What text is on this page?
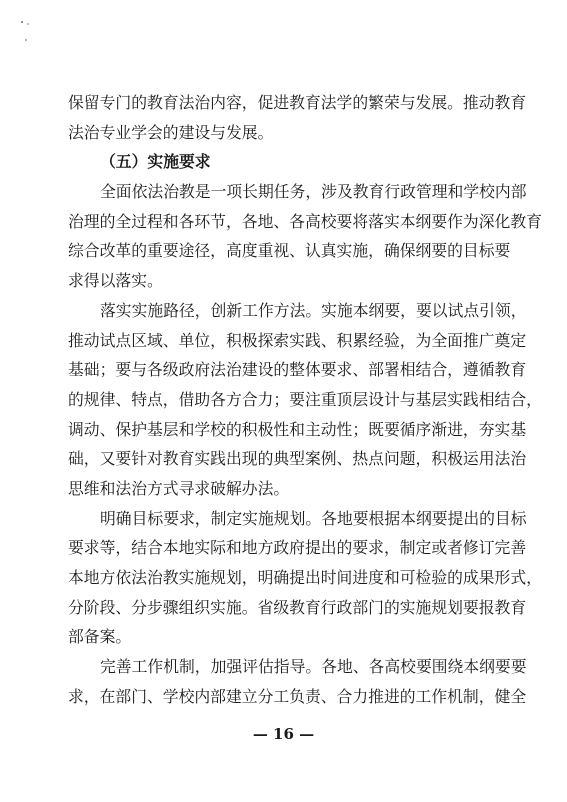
保留专门的教育法治内容，促进教育法学的繁荣与发展。推动教育
法治专业学会的建设与发展。
（五）实施要求
全面依法治教是一项长期任务，涉及教育行政管理和学校内部
治理的全过程和各环节，各地、各高校要将落实本纲要作为深化教育
综合改革的重要途径，高度重视、认真实施，确保纲要的目标要
求得以落实。
落实实施路径，创新工作方法。实施本纲要，要以试点引领，
推动试点区域、单位，积极探索实践、积累经验，为全面推广奠定
基础；要与各级政府法治建设的整体要求、部署相结合，遵循教育
的规律、特点，借助各方合力；要注重顶层设计与基层实践相结合，
调动、保护基层和学校的积极性和主动性；既要循序渐进，夯实基
础，又要针对教育实践出现的典型案例、热点问题，积极运用法治
思维和法治方式寻求破解办法。
明确目标要求，制定实施规划。各地要根据本纲要提出的目标
要求等，结合本地实际和地方政府提出的要求，制定或者修订完善
本地方依法治教实施规划，明确提出时间进度和可检验的成果形式，
分阶段、分步骤组织实施。省级教育行政部门的实施规划要报教育
部备案。
完善工作机制，加强评估指导。各地、各高校要围绕本纲要要
求，在部门、学校内部建立分工负责、合力推进的工作机制，健全
— 16 —
